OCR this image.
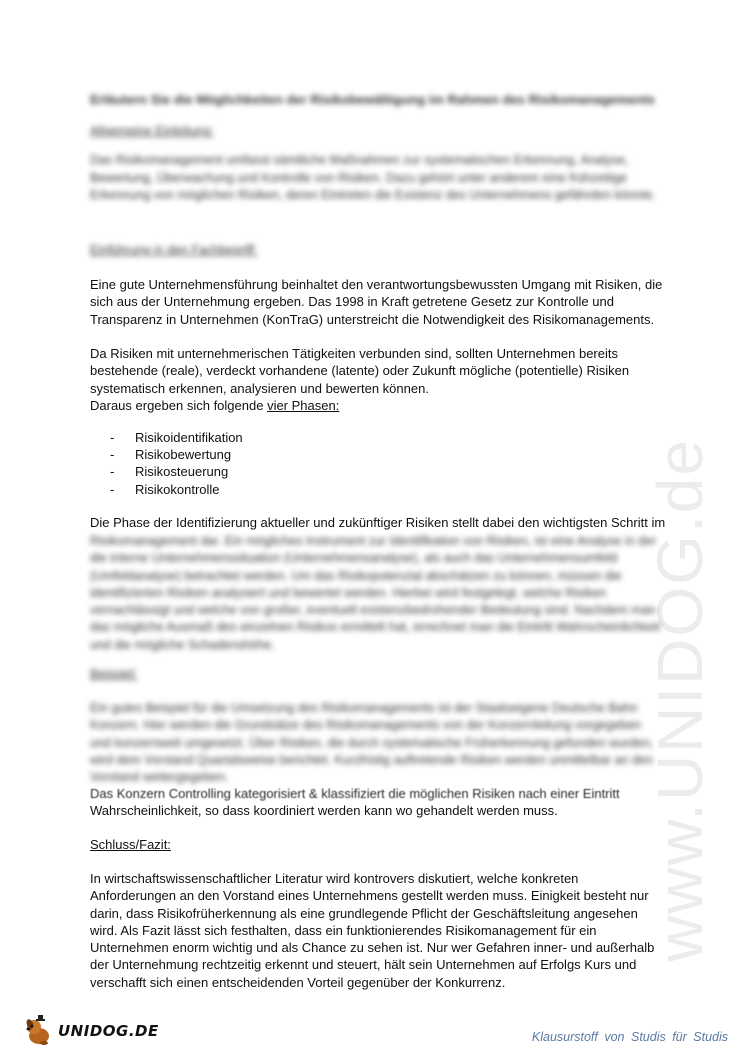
www.UNIDOG.de
Erläutern Sie die Möglichkeiten der Risikobewältigung im Rahmen des Risikomanagements
Allgemeine Einleitung:
Das Risikomanagement umfasst sämtliche Maßnahmen zur systematischen Erkennung, Analyse, Bewertung, Überwachung und Kontrolle von Risiken. Dazu gehört unter anderem eine frühzeitige Erkennung von möglichen Risiken, deren Eintreten die Existenz des Unternehmens gefährden könnte.
Einführung in den Fachbegriff:

Eine gute Unternehmensführung beinhaltet den verantwortungsbewussten Umgang mit Risiken, die sich aus der Unternehmung ergeben. Das 1998 in Kraft getretene Gesetz zur Kontrolle und Transparenz in Unternehmen (KonTraG) unterstreicht die Notwendigkeit des Risikomanagements.

Da Risiken mit unternehmerischen Tätigkeiten verbunden sind, sollten Unternehmen bereits bestehende (reale), verdeckt vorhandene (latente) oder Zukunft mögliche (potentielle) Risiken systematisch erkennen, analysieren und bewerten können.

Daraus ergeben sich folgende vier Phasen:

- Risikoidentifikation
- Risikobewertung
- Risikosteuerung
- Risikokontrolle

Die Phase der Identifizierung aktueller und zukünftiger Risiken stellt dabei den wichtigsten Schritt im

Risikomanagement dar. Ein mögliches Instrument zur Identifikation von Risiken, ist eine Analyse in der die interne Unternehmenssituation (Unternehmensanalyse), als auch das Unternehmensumfeld (Umfeldanalyse) betrachtet werden. Um das Risikopotenzial abschätzen zu können, müssen die identifizierten Risiken analysiert und bewertet werden. Hierbei wird festgelegt, welche Risiken vernachlässigt und welche von großer, eventuell existenzbedrohender Bedeutung sind. Nachdem man das mögliche Ausmaß des einzelnen Risikos ermittelt hat, errechnet man die Eintritt Wahrscheinlichkeit und die mögliche Schadenshöhe.
Beispiel:
Ein gutes Beispiel für die Umsetzung des Risikomanagements ist der Staatseigene Deutsche Bahn Konzern. Hier werden die Grundsätze des Risikomanagements von der Konzernleitung vorgegeben und konzernweit umgesetzt. Über Risiken, die durch systematische Früherkennung gefunden wurden, wird dem Vorstand Quartalsweise berichtet. Kurzfristig auftretende Risiken werden unmittelbar an den Vorstand weitergegeben.

Das Konzern Controlling kategorisiert & klassifiziert die möglichen Risiken nach einer Eintritt

Wahrscheinlichkeit, so dass koordiniert werden kann wo gehandelt werden muss.

Schluss/Fazit:

In wirtschaftswissenschaftlicher Literatur wird kontrovers diskutiert, welche konkreten Anforderungen an den Vorstand eines Unternehmens gestellt werden muss. Einigkeit besteht nur darin, dass Risikofrüherkennung als eine grundlegende Pflicht der Geschäftsleitung angesehen wird. Als Fazit lässt sich festhalten, dass ein funktionierendes Risikomanagement für ein Unternehmen enorm wichtig und als Chance zu sehen ist. Nur wer Gefahren inner- und außerhalb der Unternehmung rechtzeitig erkennt und steuert, hält sein Unternehmen auf Erfolgs Kurs und verschafft sich einen entscheidenden Vorteil gegenüber der Konkurrenz.

UNIDOG.DE	Klausurstoff von Studis für Studis
